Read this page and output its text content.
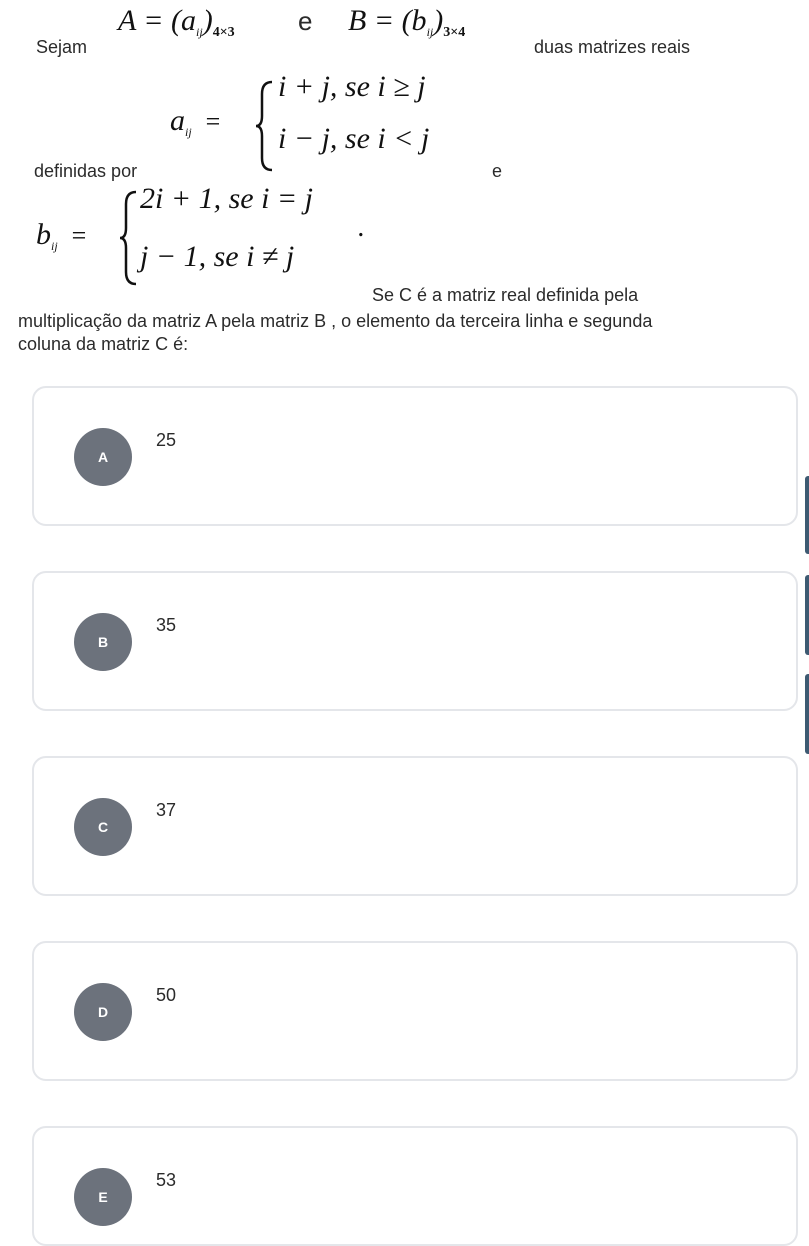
Sejam
$A = (a_{ij})_{4\times 3}$ e $B = (b_{ij})_{3\times 4}$
duas matrizes reais
$a_{ij}$  =
i + j, se i ≥ j
i − j, se i < j
definidas por	e
$b_{ij}$  =
2i + 1, se i = j
j − 1, se i ≠ j
.
Se C é a matriz real definida pela
multiplicação da matriz A pela matriz B , o elemento da terceira linha e segunda
coluna da matriz C é:
A
25
B
35
C
37
D
50
E
53
